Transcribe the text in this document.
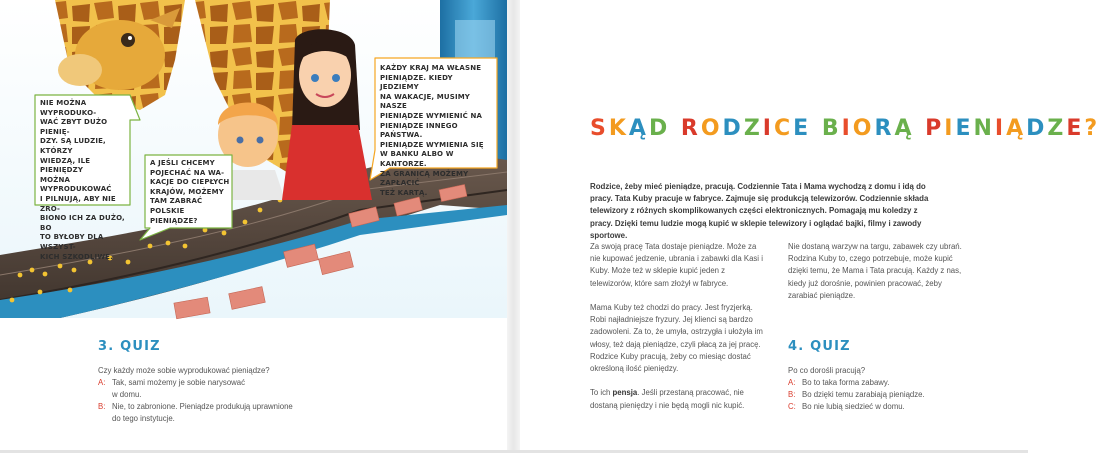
NIE MOŻNA WYPRODUKO-
WAĆ ZBYT DUŻO PIENIĘ-
DZY. SĄ LUDZIE, KTÓRZY
WIEDZĄ, ILE PIENIĘDZY
MOŻNA WYPRODUKOWAĆ
I PILNUJĄ, ABY NIE ZRO-
BIONO ICH ZA DUŻO, BO
TO BYŁOBY DLA WSZYST-
KICH SZKODLIWE.
A JEŚLI CHCEMY
POJECHAĆ NA WA-
KACJE DO CIEPŁYCH
KRAJÓW, MOŻEMY
TAM ZABRAĆ
POLSKIE PIENIĄDZE?
KAŻDY KRAJ MA WŁASNE
PIENIĄDZE. KIEDY JEDZIEMY
NA WAKACJE, MUSIMY NASZE
PIENIĄDZE WYMIENIĆ NA
PIENIĄDZE INNEGO PAŃSTWA.
PIENIĄDZE WYMIENIA SIĘ
W BANKU ALBO W KANTORZE.
ZA GRANICĄ MOŻEMY ZAPŁACIĆ
TEŻ KARTĄ.
3. QUIZ
Czy każdy może sobie wyprodukować pieniądze?
A: Tak, sami możemy je sobie narysować
w domu.
B: Nie, to zabronione. Pieniądze produkują uprawnione
do tego instytucje.
SKĄD RODZICE BIORĄ PIENIĄDZE?
Rodzice, żeby mieć pieniądze, pracują. Codziennie Tata i Mama wychodzą z domu i idą do pracy. Tata Kuby pracuje w fabryce. Zajmuje się produkcją telewizorów. Codziennie składa telewizory z różnych skomplikowanych części elektronicznych. Pomagają mu koledzy z pracy. Dzięki temu ludzie mogą kupić w sklepie telewizory i oglądać bajki, filmy i zawody sportowe.

Za swoją pracę Tata dostaje pieniądze. Może za nie kupować jedzenie, ubrania i zabawki dla Kasi i Kuby. Może też w sklepie kupić jeden z telewizorów, które sam złożył w fabryce.

Mama Kuby też chodzi do pracy. Jest fryzjerką. Robi najładniejsze fryzury. Jej klienci są bardzo zadowoleni. Za to, że umyła, ostrzygła i ułożyła im włosy, też dają pieniądze, czyli płacą za jej pracę. Rodzice Kuby pracują, żeby co miesiąc dostać określoną ilość pieniędzy.

To ich pensja. Jeśli przestaną pracować, nie dostaną pieniędzy i nie będą mogli nic kupić.

Nie dostaną warzyw na targu, zabawek czy ubrań. Rodzina Kuby to, czego potrzebuje, może kupić dzięki temu, że Mama i Tata pracują. Każdy z nas, kiedy już dorośnie, powinien pracować, żeby zarabiać pieniądze.

4. QUIZ
Po co dorośli pracują?
A: Bo to taka forma zabawy.
B: Bo dzięki temu zarabiają pieniądze.
C: Bo nie lubią siedzieć w domu.
